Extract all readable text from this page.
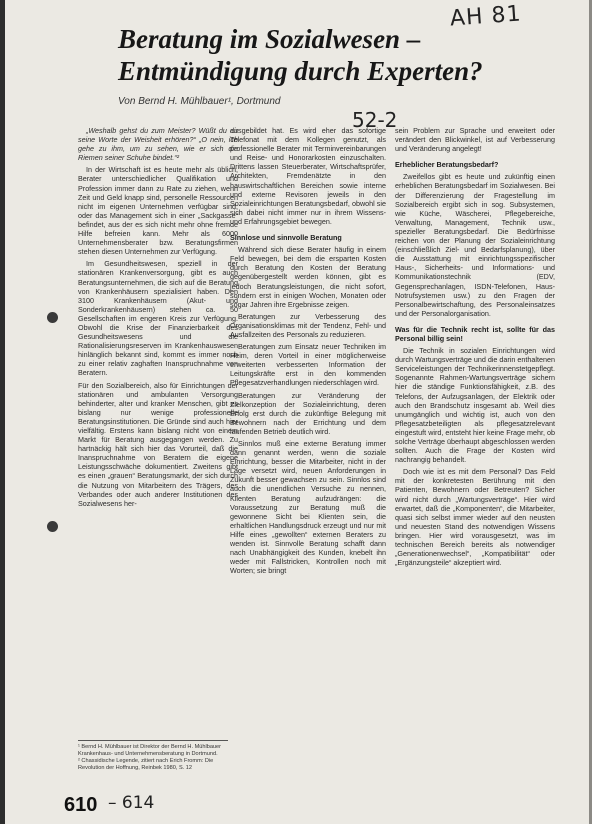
AH 81
52-2
Beratung im Sozialwesen –
Entmündigung durch Experten?
Von Bernd H. Mühlbauer¹, Dortmund

„Weshalb gehst du zum Meister? Wüßt du dir seine Worte der Weisheit erhören?“ „O nein, ich gehe zu ihm, um zu sehen, wie er sich die Riemen seiner Schuhe bindet.“²

In der Wirtschaft ist es heute mehr als üblich, Berater unterschiedlicher Qualifikation und Profession immer dann zu Rate zu ziehen, wenn Zeit und Geld knapp sind, personelle Ressourcen nicht im eigenen Unternehmen verfügbar sind, oder das Management sich in einer „Sackgasse“ befindet, aus der es sich nicht mehr ohne fremde Hilfe befreien kann. Mehr als 6000 Unternehmensberater bzw. Beratungsfirmen stehen diesen Unternehmen zur Verfügung.

Im Gesundheitswesen, speziell in der stationären Krankenversorgung, gibt es auch Beratungsunternehmen, die sich auf die Beratung von Krankenhäusern spezialisiert haben. Den 3100 Krankenhäusern (Akut- und Sonderkrankenhäusern) stehen ca. 50 Gesellschaften im engeren Kreis zur Verfügung. Obwohl die Krise der Finanzierbarkeit des Gesundheitswesens und die Rationalisierungsreserven im Krankenhauswesen hinlänglich bekannt sind, kommt es immer noch zu einer relativ zaghaften Inanspruchnahme von Beratern.

Für den Sozialbereich, also für Einrichtungen der stationären und ambulanten Versorgung behinderter, alter und kranker Menschen, gibt es bislang nur wenige professionelle Beratungsinstitutionen. Die Gründe sind auch hier vielfältig. Erstens kann bislang nicht von einem Markt für Beratung ausgegangen werden. Zu hartnäckig hält sich hier das Vorurteil, daß die Inanspruchnahme von Beratern die eigene Leistungsschwäche dokumentiert. Zweitens gibt es einen „grauen“ Beratungsmarkt, der sich durch die Nutzung von Mitarbeitern des Trägers, des Verbandes oder auch anderer Institutionen des Sozialwesens her-

ausgebildet hat. Es wird eher das sofortige Telefonat mit dem Kollegen genutzt, als professionelle Berater mit Terminvereinbarungen und Reise- und Honorarkosten einzuschalten. Drittens lassen Steuerberater, Wirtschaftsprüfer, Architekten, Fremdenätzte in den hauswirtschaftlichen Bereichen sowie interne und externe Revisoren jeweils in den Sozialeinrichtungen Beratungsbedarf, obwohl sie sich dabei nicht immer nur in ihrem Wissens- und Erfahrungsgebiet bewegen.

Sinnlose und sinnvolle Beratung

Während sich diese Berater häufig in einem Feld bewegen, bei dem die ersparten Kosten durch Beratung den Kosten der Beratung gegenübergestellt werden können, gibt es jedoch Beratungsleistungen, die nicht sofort, sondern erst in einigen Wochen, Monaten oder sogar Jahren ihre Ergebnisse zeigen.

Beratungen zur Verbesserung des Organisationsklimas mit der Tendenz, Fehl- und Ausfallzeiten des Personals zu reduzieren.

Beratungen zum Einsatz neuer Techniken im Heim, deren Vorteil in einer möglicherweise erweiterten verbesserten Information der Leitungskräfte erst in den kommenden Pflegesatzverhandlungen niederschlagen wird.

Beratungen zur Veränderung der Zielkonzeption der Sozialeinrichtung, deren Erfolg erst durch die zukünftige Belegung mit Bewohnern nach der Errichtung und dem laufenden Betrieb deutlich wird.

Sinnlos muß eine externe Beratung immer dann genannt werden, wenn die soziale Einrichtung, besser die Mitarbeiter, nicht in der Lage versetzt wird, neuen Anforderungen in Zukunft besser gewachsen zu sein. Sinnlos sind auch die unendlichen Versuche zu nennen, Klienten Beratung aufzudrängen: die Voraussetzung zur Beratung muß die gewonnene Sicht bei Klienten sein, die erhaltlichen Handlungsdruck erzeugt und nur mit Hilfe eines „gewollten“ externen Beraters zu wenden ist. Sinnvolle Beratung schafft dann nach Unabhängigkeit des Kunden, knebelt ihn weder mit Fallstricken, Kontrollen noch mit Worten; sie bringt

sein Problem zur Sprache und erweitert oder verändert den Blickwinkel, ist auf Verbesserung und Veränderung angelegt!

Erheblicher Beratungsbedarf?

Zweifellos gibt es heute und zukünftig einen erheblichen Beratungsbedarf im Sozialwesen. Bei der Differenzierung der Fragestellung im Sozialbereich ergibt sich in sog. Subsystemen, wie Küche, Wäscherei, Pflegebereiche, Verwaltung, Management, Technik usw., spezieller Beratungsbedarf. Die Bedürfnisse reichen von der Planung der Sozialeinrichtung (einschließlich Ziel- und Bedarfsplanung), über die Ausstattung mit einrichtungsspezifischer Haus-, Sicherheits- und Informations- und Kommunikationstechnik (EDV, Gegensprechanlagen, ISDN-Telefonen, Haus-Notrufsystemen usw.) zu den Fragen der Personalbewirtschaftung, des Personaleinsatzes und der Personalorganisation.

Was für die Technik recht ist, sollte für das Personal billig sein!

Die Technik in sozialen Einrichtungen wird durch Wartungsverträge und die darin enthaltenen Serviceleistungen der Technikerinnenstetgepflegt. Sogenannte Rahmen-Wartungsverträge sichern hier die ständige Funktionsfähigkeit, z.B. des Telefons, der Aufzugsanlagen, der Elektrik oder auch den Brandschutz insgesamt ab. Weil dies unumgänglich und wichtig ist, auch von den Pflegesatzbeteiligten als pflegesatzrelevant eingestuft wird, entsteht hier keine Frage mehr, ob solche Verträge überhaupt abgeschlossen werden sollten. Auch die Frage der Kosten wird nachrangig behandelt.

Doch wie ist es mit dem Personal? Das Feld mit der konkretesten Berührung mit den Patienten, Bewohnern oder Betreuten? Sicher wird nicht durch „Wartungsverträge“. Hier wird erwartet, daß die „Komponenten“, die Mitarbeiter, quasi sich selbst immer wieder auf den neusten und neuesten Stand des notwendigen Wissens bringen. Hier wird vorausgesetzt, was im technischen Bereich bereits als notwendiger „Generationenwechsel“, „Kompatibilität“ oder „Ergänzungsteile“ akzeptiert wird.

¹ Bernd H. Mühlbauer ist Direktor der Bernd H. Mühlbauer Krankenhaus- und Unternehmensberatung in Dortmund.
² Chassidische Legende, zitiert nach Erich Fromm: Die Revolution der Hoffnung, Reinbek 1980, S. 12
610 – 614
